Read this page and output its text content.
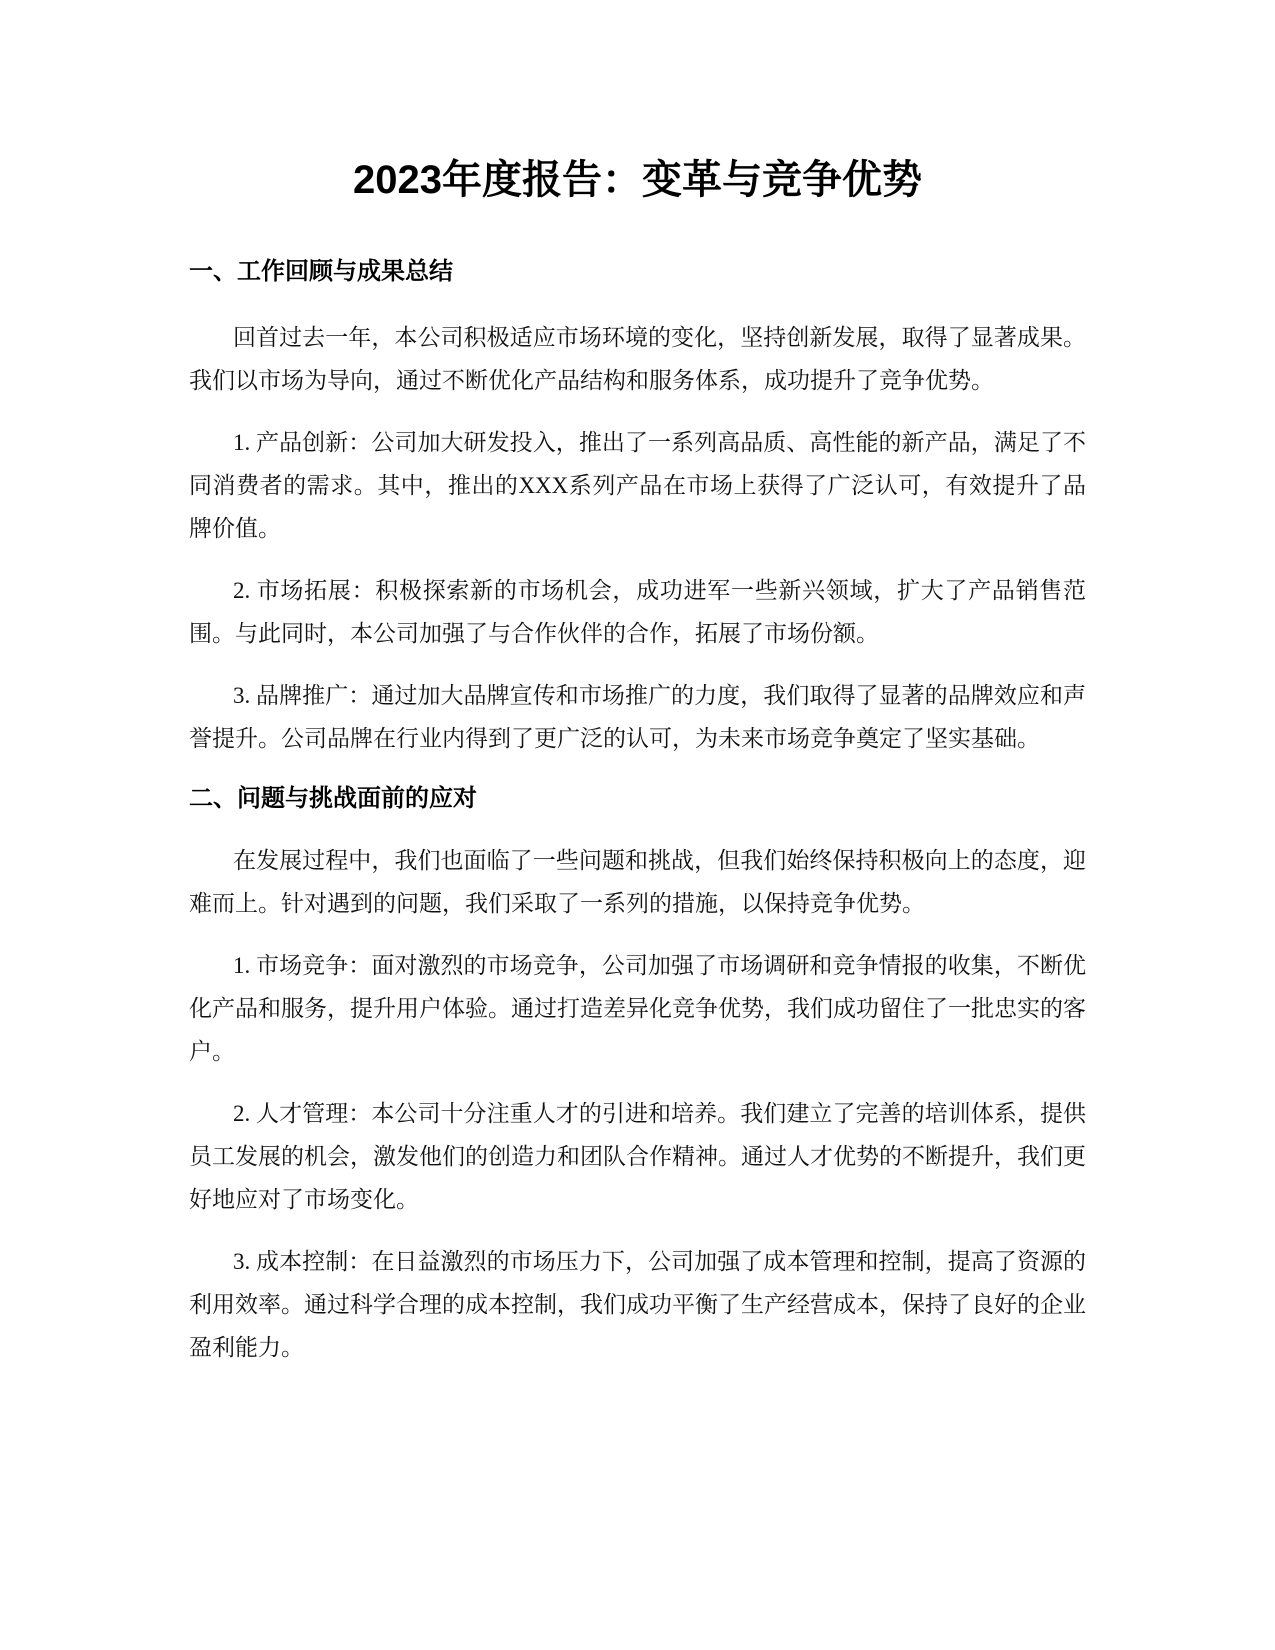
2023年度报告：变革与竞争优势
一、工作回顾与成果总结

回首过去一年，本公司积极适应市场环境的变化，坚持创新发展，取得了显著成果。我们以市场为导向，通过不断优化产品结构和服务体系，成功提升了竞争优势。

1. 产品创新：公司加大研发投入，推出了一系列高品质、高性能的新产品，满足了不同消费者的需求。其中，推出的XXX系列产品在市场上获得了广泛认可，有效提升了品牌价值。

2. 市场拓展：积极探索新的市场机会，成功进军一些新兴领域，扩大了产品销售范围。与此同时，本公司加强了与合作伙伴的合作，拓展了市场份额。

3. 品牌推广：通过加大品牌宣传和市场推广的力度，我们取得了显著的品牌效应和声誉提升。公司品牌在行业内得到了更广泛的认可，为未来市场竞争奠定了坚实基础。

二、问题与挑战面前的应对

在发展过程中，我们也面临了一些问题和挑战，但我们始终保持积极向上的态度，迎难而上。针对遇到的问题，我们采取了一系列的措施，以保持竞争优势。

1. 市场竞争：面对激烈的市场竞争，公司加强了市场调研和竞争情报的收集，不断优化产品和服务，提升用户体验。通过打造差异化竞争优势，我们成功留住了一批忠实的客户。

2. 人才管理：本公司十分注重人才的引进和培养。我们建立了完善的培训体系，提供员工发展的机会，激发他们的创造力和团队合作精神。通过人才优势的不断提升，我们更好地应对了市场变化。

3. 成本控制：在日益激烈的市场压力下，公司加强了成本管理和控制，提高了资源的利用效率。通过科学合理的成本控制，我们成功平衡了生产经营成本，保持了良好的企业盈利能力。
